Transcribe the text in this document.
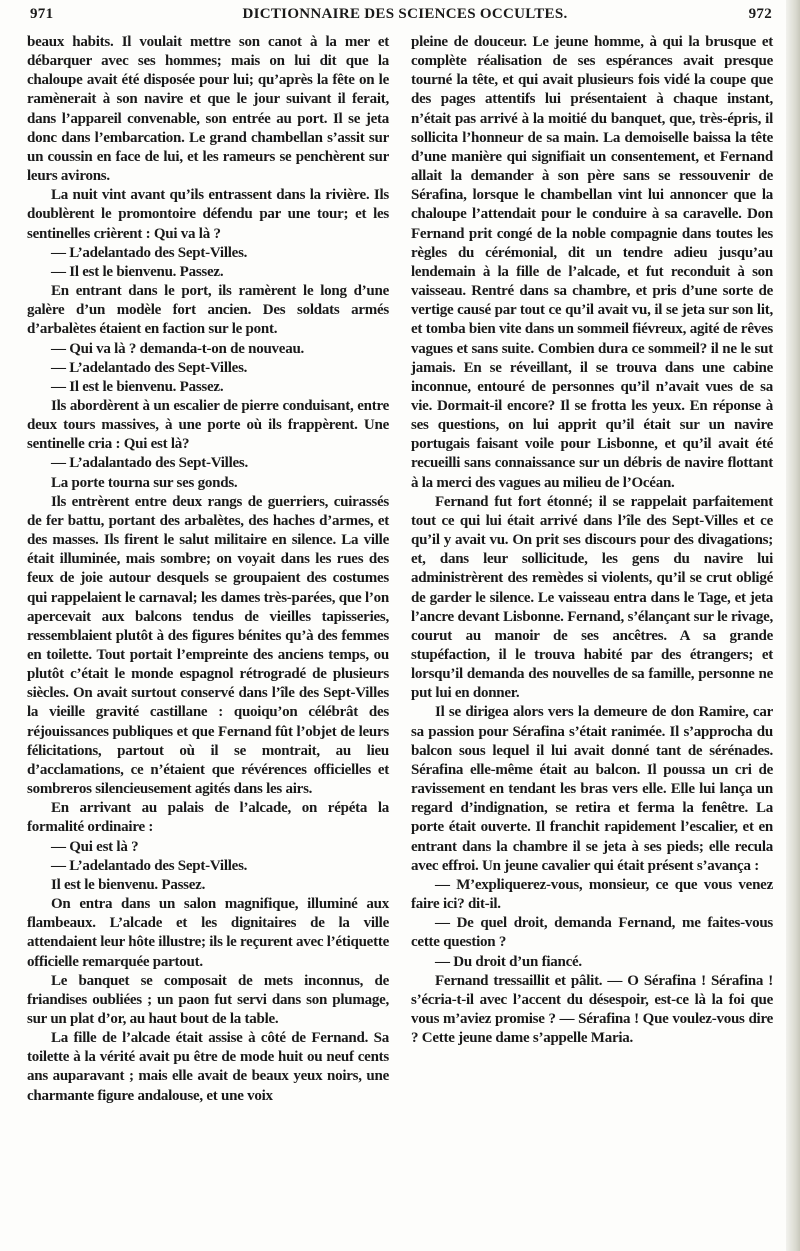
971	DICTIONNAIRE DES SCIENCES OCCULTES.	972

beaux habits. Il voulait mettre son canot à la mer et débarquer avec ses hommes; mais on lui dit que la chaloupe avait été disposée pour lui; qu’après la fête on le ramènerait à son navire et que le jour suivant il ferait, dans l’appareil convenable, son entrée au port. Il se jeta donc dans l’embarcation. Le grand chambellan s’assit sur un coussin en face de lui, et les rameurs se penchèrent sur leurs avirons.

La nuit vint avant qu’ils entrassent dans la rivière. Ils doublèrent le promontoire défendu par une tour; et les sentinelles crièrent : Qui va là ?

— L’adelantado des Sept-Villes.

— Il est le bienvenu. Passez.

En entrant dans le port, ils ramèrent le long d’une galère d’un modèle fort ancien. Des soldats armés d’arbalètes étaient en faction sur le pont.

— Qui va là ? demanda-t-on de nouveau.

— L’adelantado des Sept-Villes.

— Il est le bienvenu. Passez.

Ils abordèrent à un escalier de pierre conduisant, entre deux tours massives, à une porte où ils frappèrent. Une sentinelle cria : Qui est là?

— L’adalantado des Sept-Villes.

La porte tourna sur ses gonds.

Ils entrèrent entre deux rangs de guerriers, cuirassés de fer battu, portant des arbalètes, des haches d’armes, et des masses. Ils firent le salut militaire en silence. La ville était illuminée, mais sombre; on voyait dans les rues des feux de joie autour desquels se groupaient des costumes qui rappelaient le carnaval; les dames très-parées, que l’on apercevait aux balcons tendus de vieilles tapisseries, ressemblaient plutôt à des figures bénites qu’à des femmes en toilette. Tout portait l’empreinte des anciens temps, ou plutôt c’était le monde espagnol rétrogradé de plusieurs siècles. On avait surtout conservé dans l’île des Sept-Villes la vieille gravité castillane : quoiqu’on célébrât des réjouissances publiques et que Fernand fût l’objet de leurs félicitations, partout où il se montrait, au lieu d’acclamations, ce n’étaient que révérences officielles et sombreros silencieusement agités dans les airs.

En arrivant au palais de l’alcade, on répéta la formalité ordinaire :

— Qui est là ?

— L’adelantado des Sept-Villes.

Il est le bienvenu. Passez.

On entra dans un salon magnifique, illuminé aux flambeaux. L’alcade et les dignitaires de la ville attendaient leur hôte illustre; ils le reçurent avec l’étiquette officielle remarquée partout.

Le banquet se composait de mets inconnus, de friandises oubliées ; un paon fut servi dans son plumage, sur un plat d’or, au haut bout de la table.

La fille de l’alcade était assise à côté de Fernand. Sa toilette à la vérité avait pu être de mode huit ou neuf cents ans auparavant ; mais elle avait de beaux yeux noirs, une charmante figure andalouse, et une voix

pleine de douceur. Le jeune homme, à qui la brusque et complète réalisation de ses espérances avait presque tourné la tête, et qui avait plusieurs fois vidé la coupe que des pages attentifs lui présentaient à chaque instant, n’était pas arrivé à la moitié du banquet, que, très-épris, il sollicita l’honneur de sa main. La demoiselle baissa la tête d’une manière qui signifiait un consentement, et Fernand allait la demander à son père sans se ressouvenir de Sérafina, lorsque le chambellan vint lui annoncer que la chaloupe l’attendait pour le conduire à sa caravelle. Don Fernand prit congé de la noble compagnie dans toutes les règles du cérémonial, dit un tendre adieu jusqu’au lendemain à la fille de l’alcade, et fut reconduit à son vaisseau. Rentré dans sa chambre, et pris d’une sorte de vertige causé par tout ce qu’il avait vu, il se jeta sur son lit, et tomba bien vite dans un sommeil fiévreux, agité de rêves vagues et sans suite. Combien dura ce sommeil? il ne le sut jamais. En se réveillant, il se trouva dans une cabine inconnue, entouré de personnes qu’il n’avait vues de sa vie. Dormait-il encore? Il se frotta les yeux. En réponse à ses questions, on lui apprit qu’il était sur un navire portugais faisant voile pour Lisbonne, et qu’il avait été recueilli sans connaissance sur un débris de navire flottant à la merci des vagues au milieu de l’Océan.

Fernand fut fort étonné; il se rappelait parfaitement tout ce qui lui était arrivé dans l’île des Sept-Villes et ce qu’il y avait vu. On prit ses discours pour des divagations; et, dans leur sollicitude, les gens du navire lui administrèrent des remèdes si violents, qu’il se crut obligé de garder le silence. Le vaisseau entra dans le Tage, et jeta l’ancre devant Lisbonne. Fernand, s’élançant sur le rivage, courut au manoir de ses ancêtres. A sa grande stupéfaction, il le trouva habité par des étrangers; et lorsqu’il demanda des nouvelles de sa famille, personne ne put lui en donner.

Il se dirigea alors vers la demeure de don Ramire, car sa passion pour Sérafina s’était ranimée. Il s’approcha du balcon sous lequel il lui avait donné tant de sérénades. Sérafina elle-même était au balcon. Il poussa un cri de ravissement en tendant les bras vers elle. Elle lui lança un regard d’indignation, se retira et ferma la fenêtre. La porte était ouverte. Il franchit rapidement l’escalier, et en entrant dans la chambre il se jeta à ses pieds; elle recula avec effroi. Un jeune cavalier qui était présent s’avança :

— M’expliquerez-vous, monsieur, ce que vous venez faire ici? dit-il.

— De quel droit, demanda Fernand, me faites-vous cette question ?

— Du droit d’un fiancé.

Fernand tressaillit et pâlit. — O Sérafina ! Sérafina ! s’écria-t-il avec l’accent du désespoir, est-ce là la foi que vous m’aviez promise ? — Sérafina ! Que voulez-vous dire ? Cette jeune dame s’appelle Maria.
